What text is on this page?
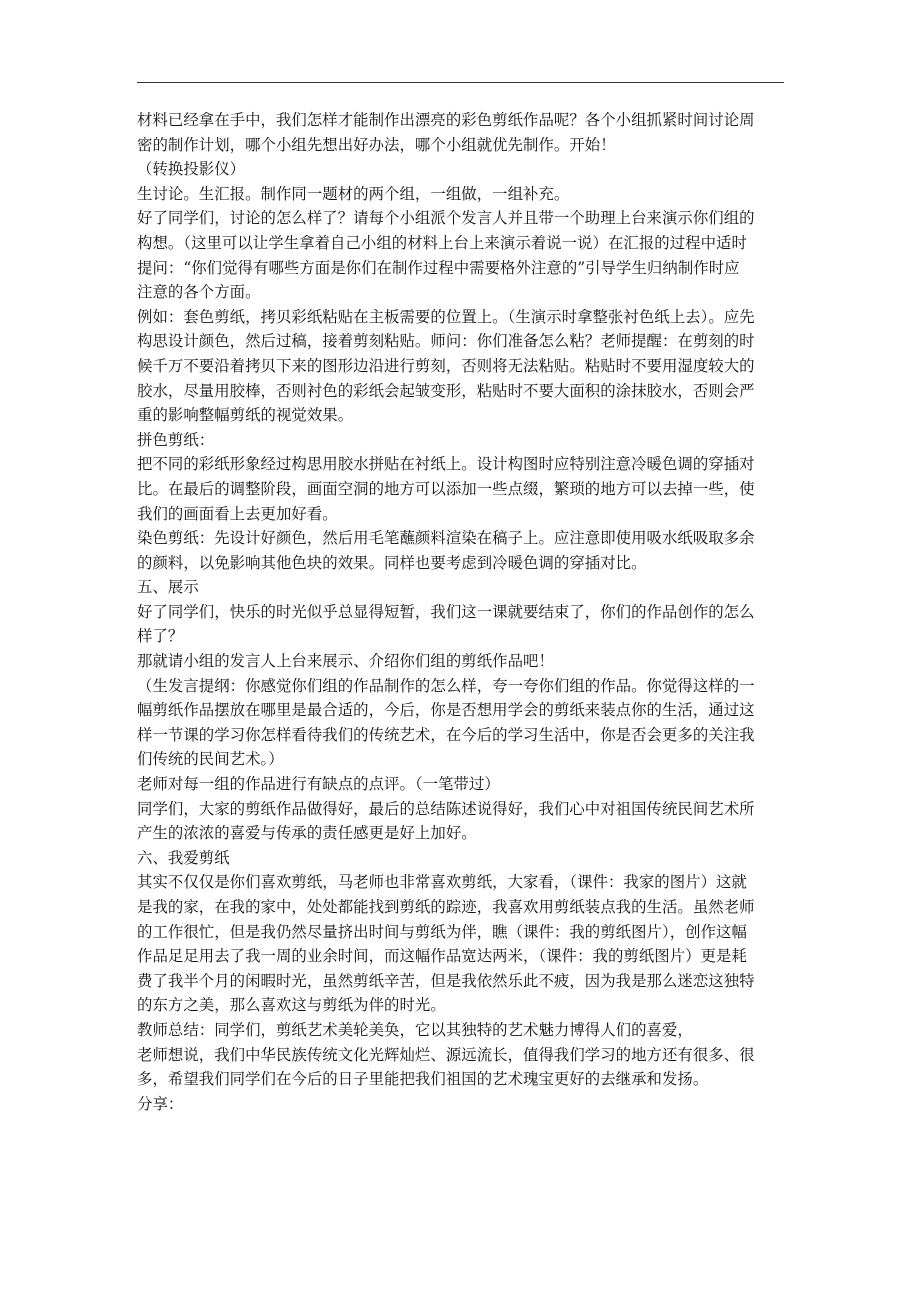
材料已经拿在手中，我们怎样才能制作出漂亮的彩色剪纸作品呢？各个小组抓紧时间讨论周
密的制作计划，哪个小组先想出好办法，哪个小组就优先制作。开始！
（转换投影仪）
生讨论。生汇报。制作同一题材的两个组，一组做，一组补充。
好了同学们，讨论的怎么样了？请每个小组派个发言人并且带一个助理上台来演示你们组的
构想。（这里可以让学生拿着自己小组的材料上台上来演示着说一说）在汇报的过程中适时
提问：“你们觉得有哪些方面是你们在制作过程中需要格外注意的”引导学生归纳制作时应
注意的各个方面。
例如：套色剪纸，拷贝彩纸粘贴在主板需要的位置上。（生演示时拿整张衬色纸上去）。应先
构思设计颜色，然后过稿，接着剪刻粘贴。师问：你们准备怎么粘？老师提醒：在剪刻的时
候千万不要沿着拷贝下来的图形边沿进行剪刻，否则将无法粘贴。粘贴时不要用湿度较大的
胶水，尽量用胶棒，否则衬色的彩纸会起皱变形，粘贴时不要大面积的涂抹胶水，否则会严
重的影响整幅剪纸的视觉效果。
拼色剪纸：
把不同的彩纸形象经过构思用胶水拼贴在衬纸上。设计构图时应特别注意冷暖色调的穿插对
比。在最后的调整阶段，画面空洞的地方可以添加一些点缀，繁琐的地方可以去掉一些，使
我们的画面看上去更加好看。
染色剪纸：先设计好颜色，然后用毛笔蘸颜料渲染在稿子上。应注意即使用吸水纸吸取多余
的颜料，以免影响其他色块的效果。同样也要考虑到冷暖色调的穿插对比。
五、展示
好了同学们，快乐的时光似乎总显得短暂，我们这一课就要结束了，你们的作品创作的怎么
样了？
那就请小组的发言人上台来展示、介绍你们组的剪纸作品吧！
（生发言提纲：你感觉你们组的作品制作的怎么样，夸一夸你们组的作品。你觉得这样的一
幅剪纸作品摆放在哪里是最合适的，今后，你是否想用学会的剪纸来装点你的生活，通过这
样一节课的学习你怎样看待我们的传统艺术，在今后的学习生活中，你是否会更多的关注我
们传统的民间艺术。）
老师对每一组的作品进行有缺点的点评。（一笔带过）
同学们，大家的剪纸作品做得好，最后的总结陈述说得好，我们心中对祖国传统民间艺术所
产生的浓浓的喜爱与传承的责任感更是好上加好。
六、我爱剪纸
其实不仅仅是你们喜欢剪纸，马老师也非常喜欢剪纸，大家看，（课件：我家的图片）这就
是我的家，在我的家中，处处都能找到剪纸的踪迹，我喜欢用剪纸装点我的生活。虽然老师
的工作很忙，但是我仍然尽量挤出时间与剪纸为伴，瞧（课件：我的剪纸图片），创作这幅
作品足足用去了我一周的业余时间，而这幅作品宽达两米，（课件：我的剪纸图片）更是耗
费了我半个月的闲暇时光，虽然剪纸辛苦，但是我依然乐此不疲，因为我是那么迷恋这独特
的东方之美，那么喜欢这与剪纸为伴的时光。
教师总结：同学们，剪纸艺术美轮美奂，它以其独特的艺术魅力博得人们的喜爱，
老师想说，我们中华民族传统文化光辉灿烂、源远流长，值得我们学习的地方还有很多、很
多，希望我们同学们在今后的日子里能把我们祖国的艺术瑰宝更好的去继承和发扬。
分享：
